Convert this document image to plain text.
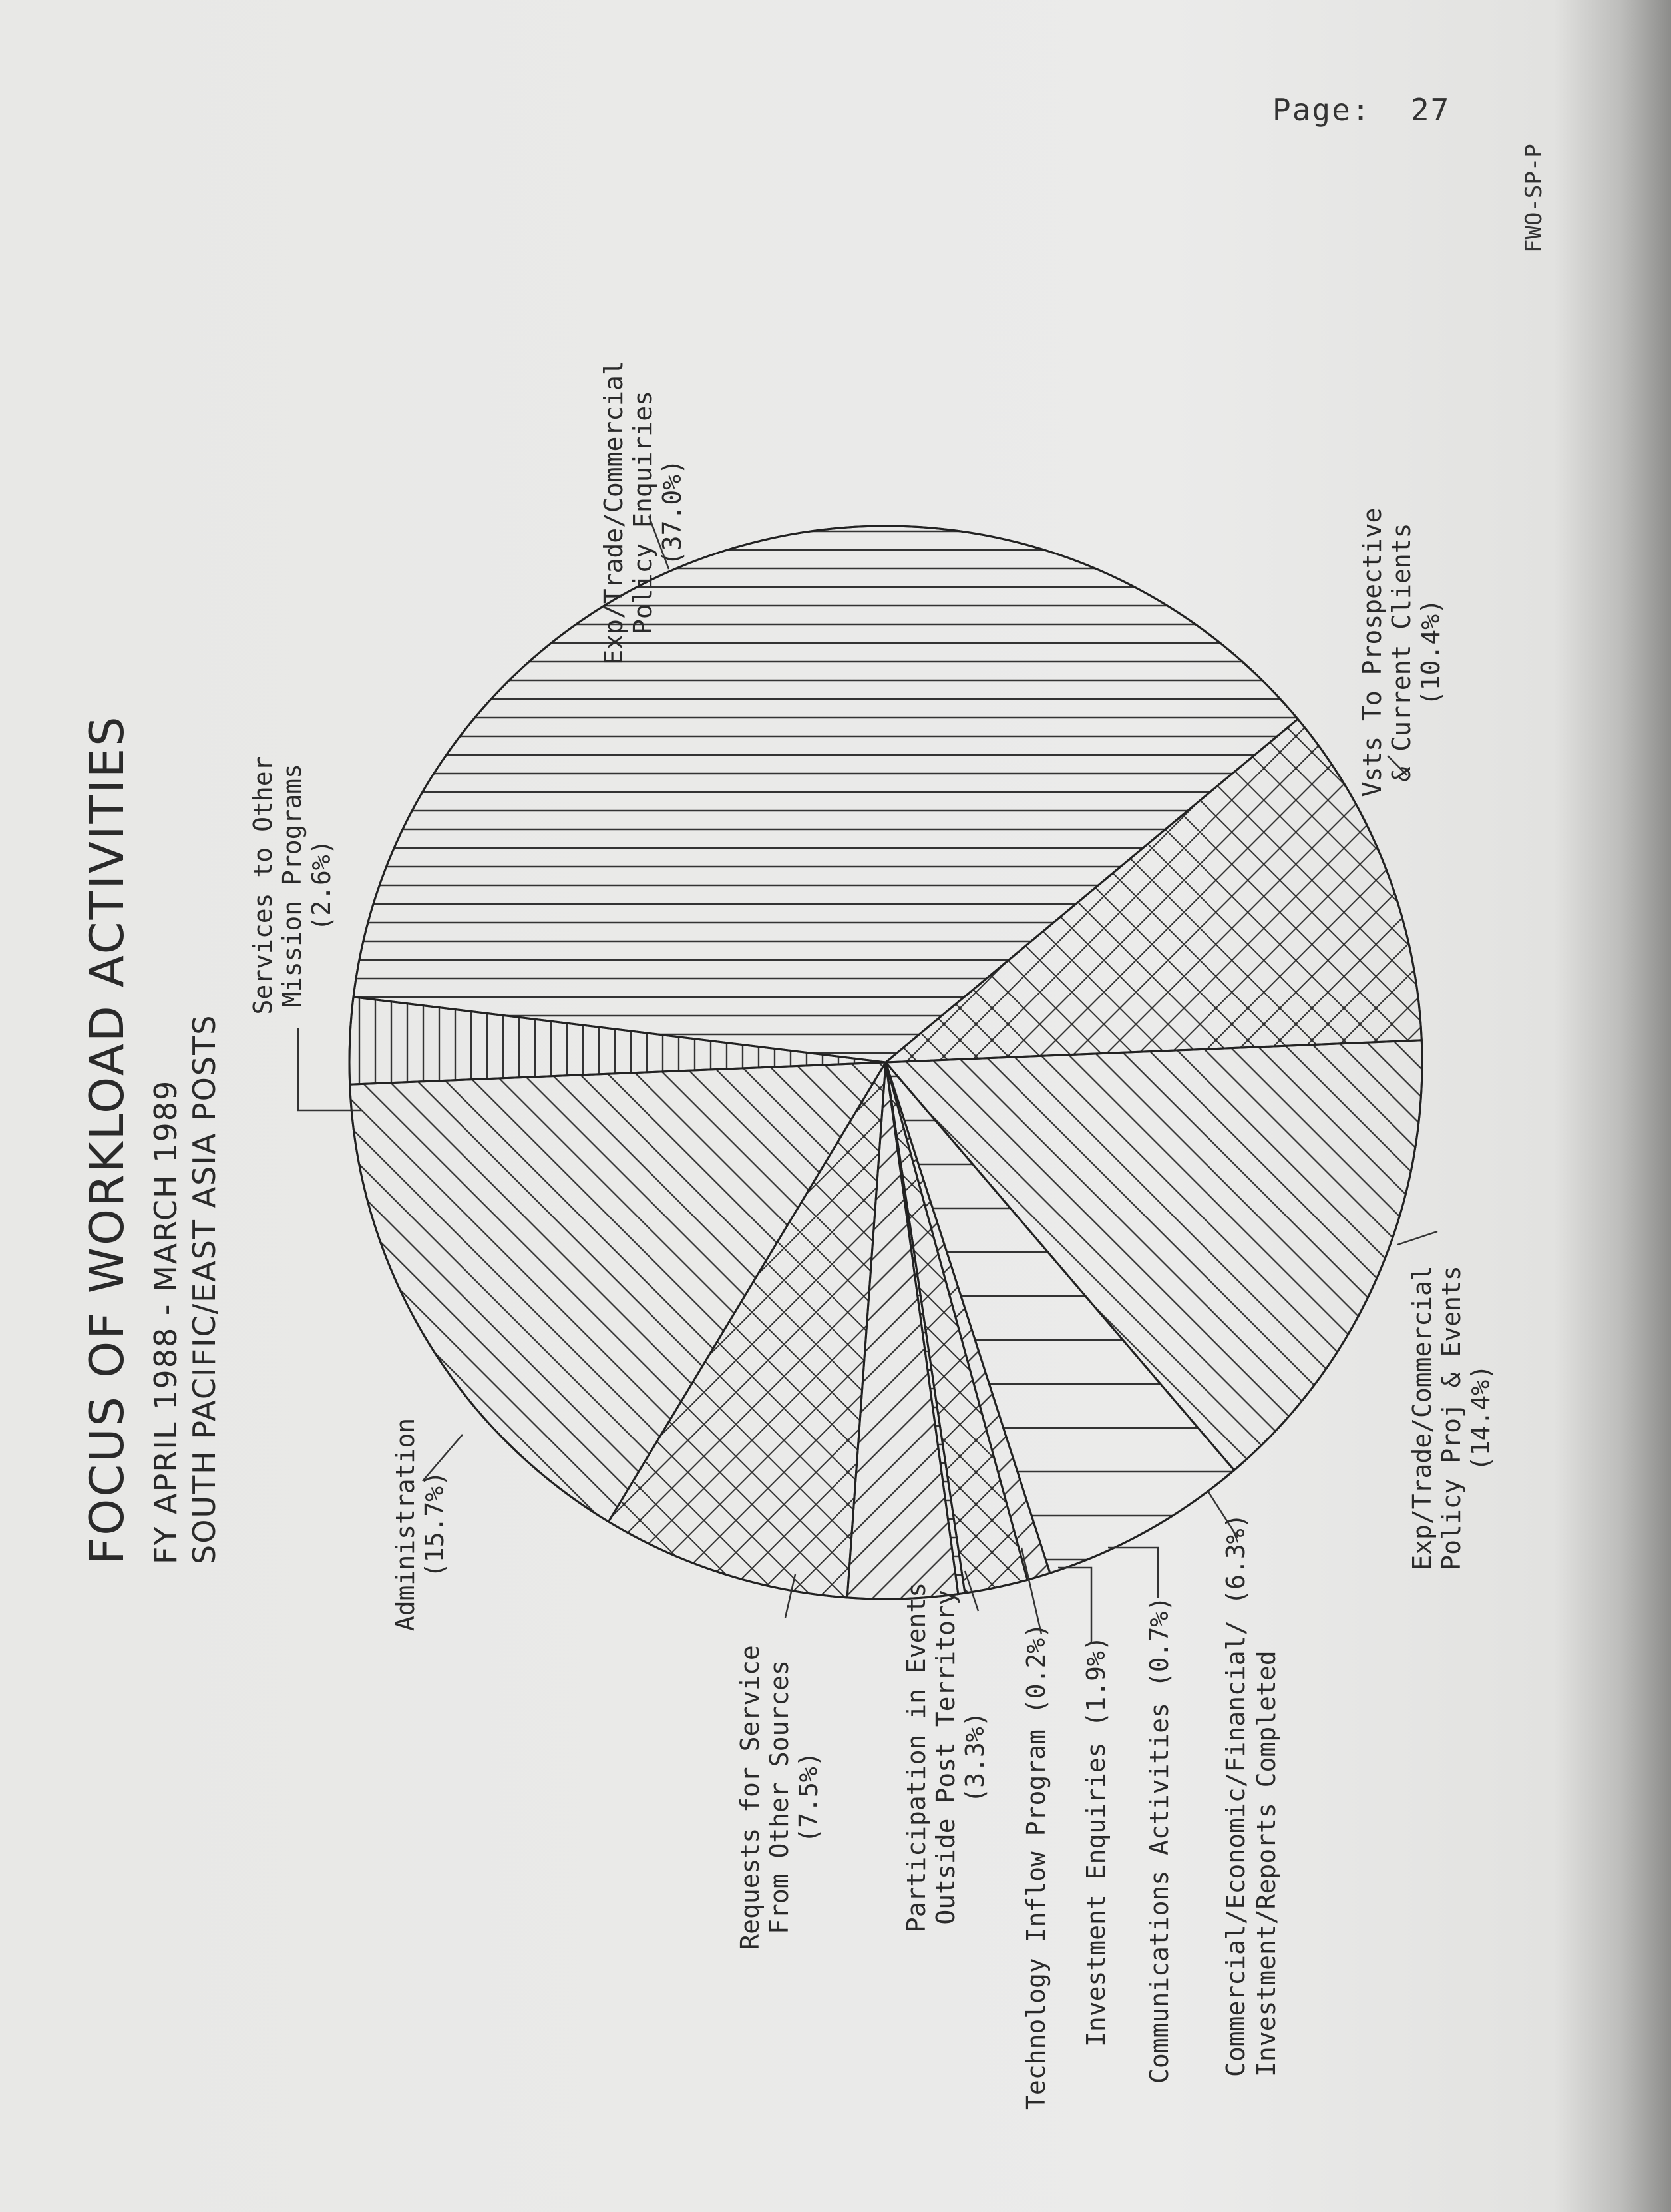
Page: 27
FWO-SP-P
FOCUS OF WORKLOAD ACTIVITIES FY APRIL 1988 - MARCH 1989 SOUTH PACIFIC/EAST ASIA POSTS
Exp/Trade/Commercial Policy Enquiries (37.0%)	Vsts To Prospective & Current Clients (10.4%)
Exp/Trade/Commercial Policy Proj & Events (14.4%)
Commercial/Economic/Financial/ (6.3%) Investment/Reports Completed
Communications Activities (0.7%)
Investment Enquiries (1.9%)
Technology Inflow Program (0.2%)
Participation in Events Outside Post Territory (3.3%)
Requests for Service From Other Sources (7.5%)
Administration (15.7%)
Services to Other Mission Programs (2.6%)
